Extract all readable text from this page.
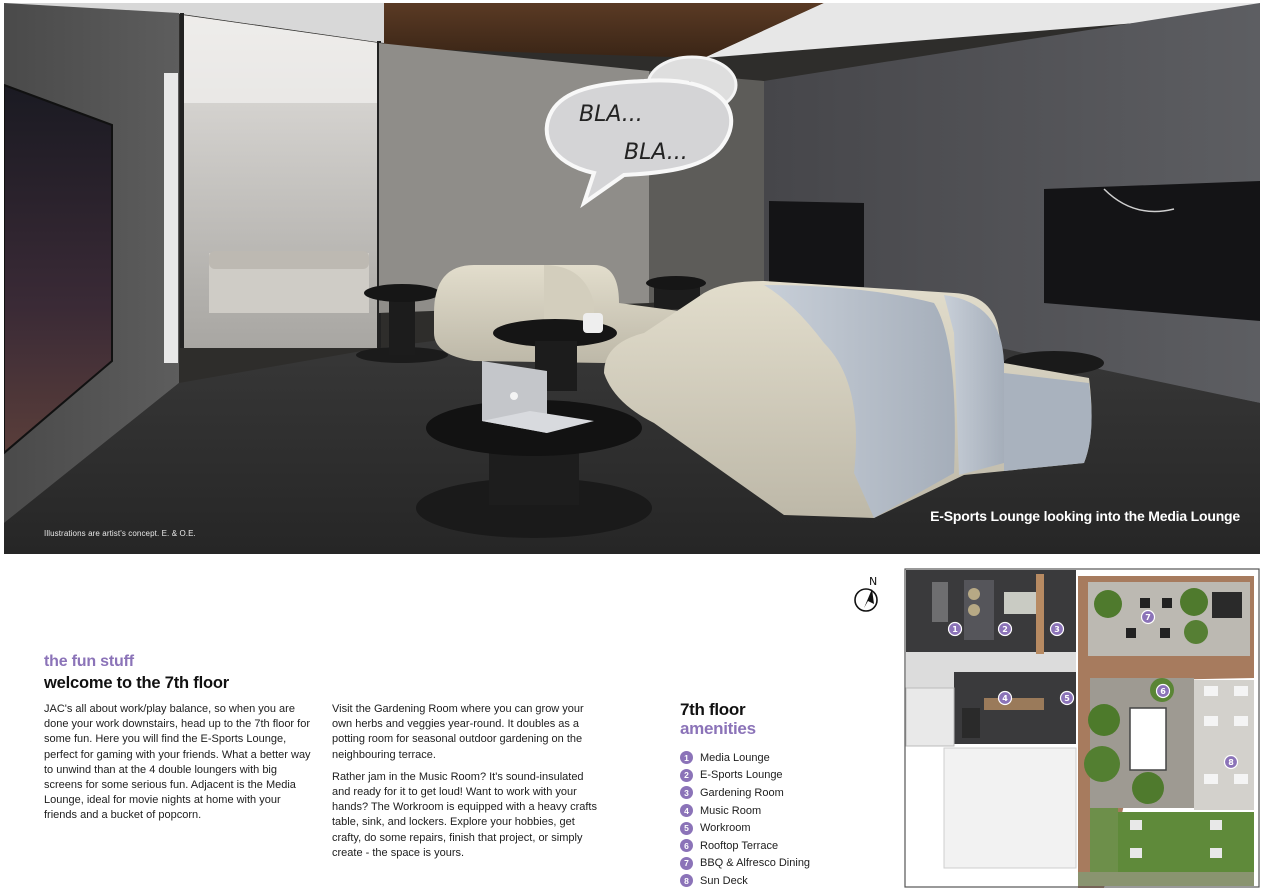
BLA...
BLA...
Illustrations are artist's concept. E. & O.E.
E-Sports Lounge looking into the Media Lounge
the fun stuff
welcome to the 7th floor

JAC's all about work/play balance, so when you are done your work downstairs, head up to the 7th floor for some fun. Here you will find the E-Sports Lounge, perfect for gaming with your friends. What a better way to unwind than at the 4 double loungers with big screens for some serious fun. Adjacent is the Media Lounge, ideal for movie nights at home with your friends and a bucket of popcorn.

Visit the Gardening Room where you can grow your own herbs and veggies year-round. It doubles as a potting room for seasonal outdoor gardening on the neighbouring terrace.

Rather jam in the Music Room? It's sound-insulated and ready for it to get loud! Want to work with your hands? The Workroom is equipped with a heavy crafts table, sink, and lockers. Explore your hobbies, get crafty, do some repairs, finish that project, or simply create - the space is yours.

7th floor
amenities
1	Media Lounge
2	E-Sports Lounge
3	Gardening Room
4	Music Room
5	Workroom
6	Rooftop Terrace
7	BBQ & Alfresco Dining
8	Sun Deck
N
1	2	3
4	5
6
7
8
